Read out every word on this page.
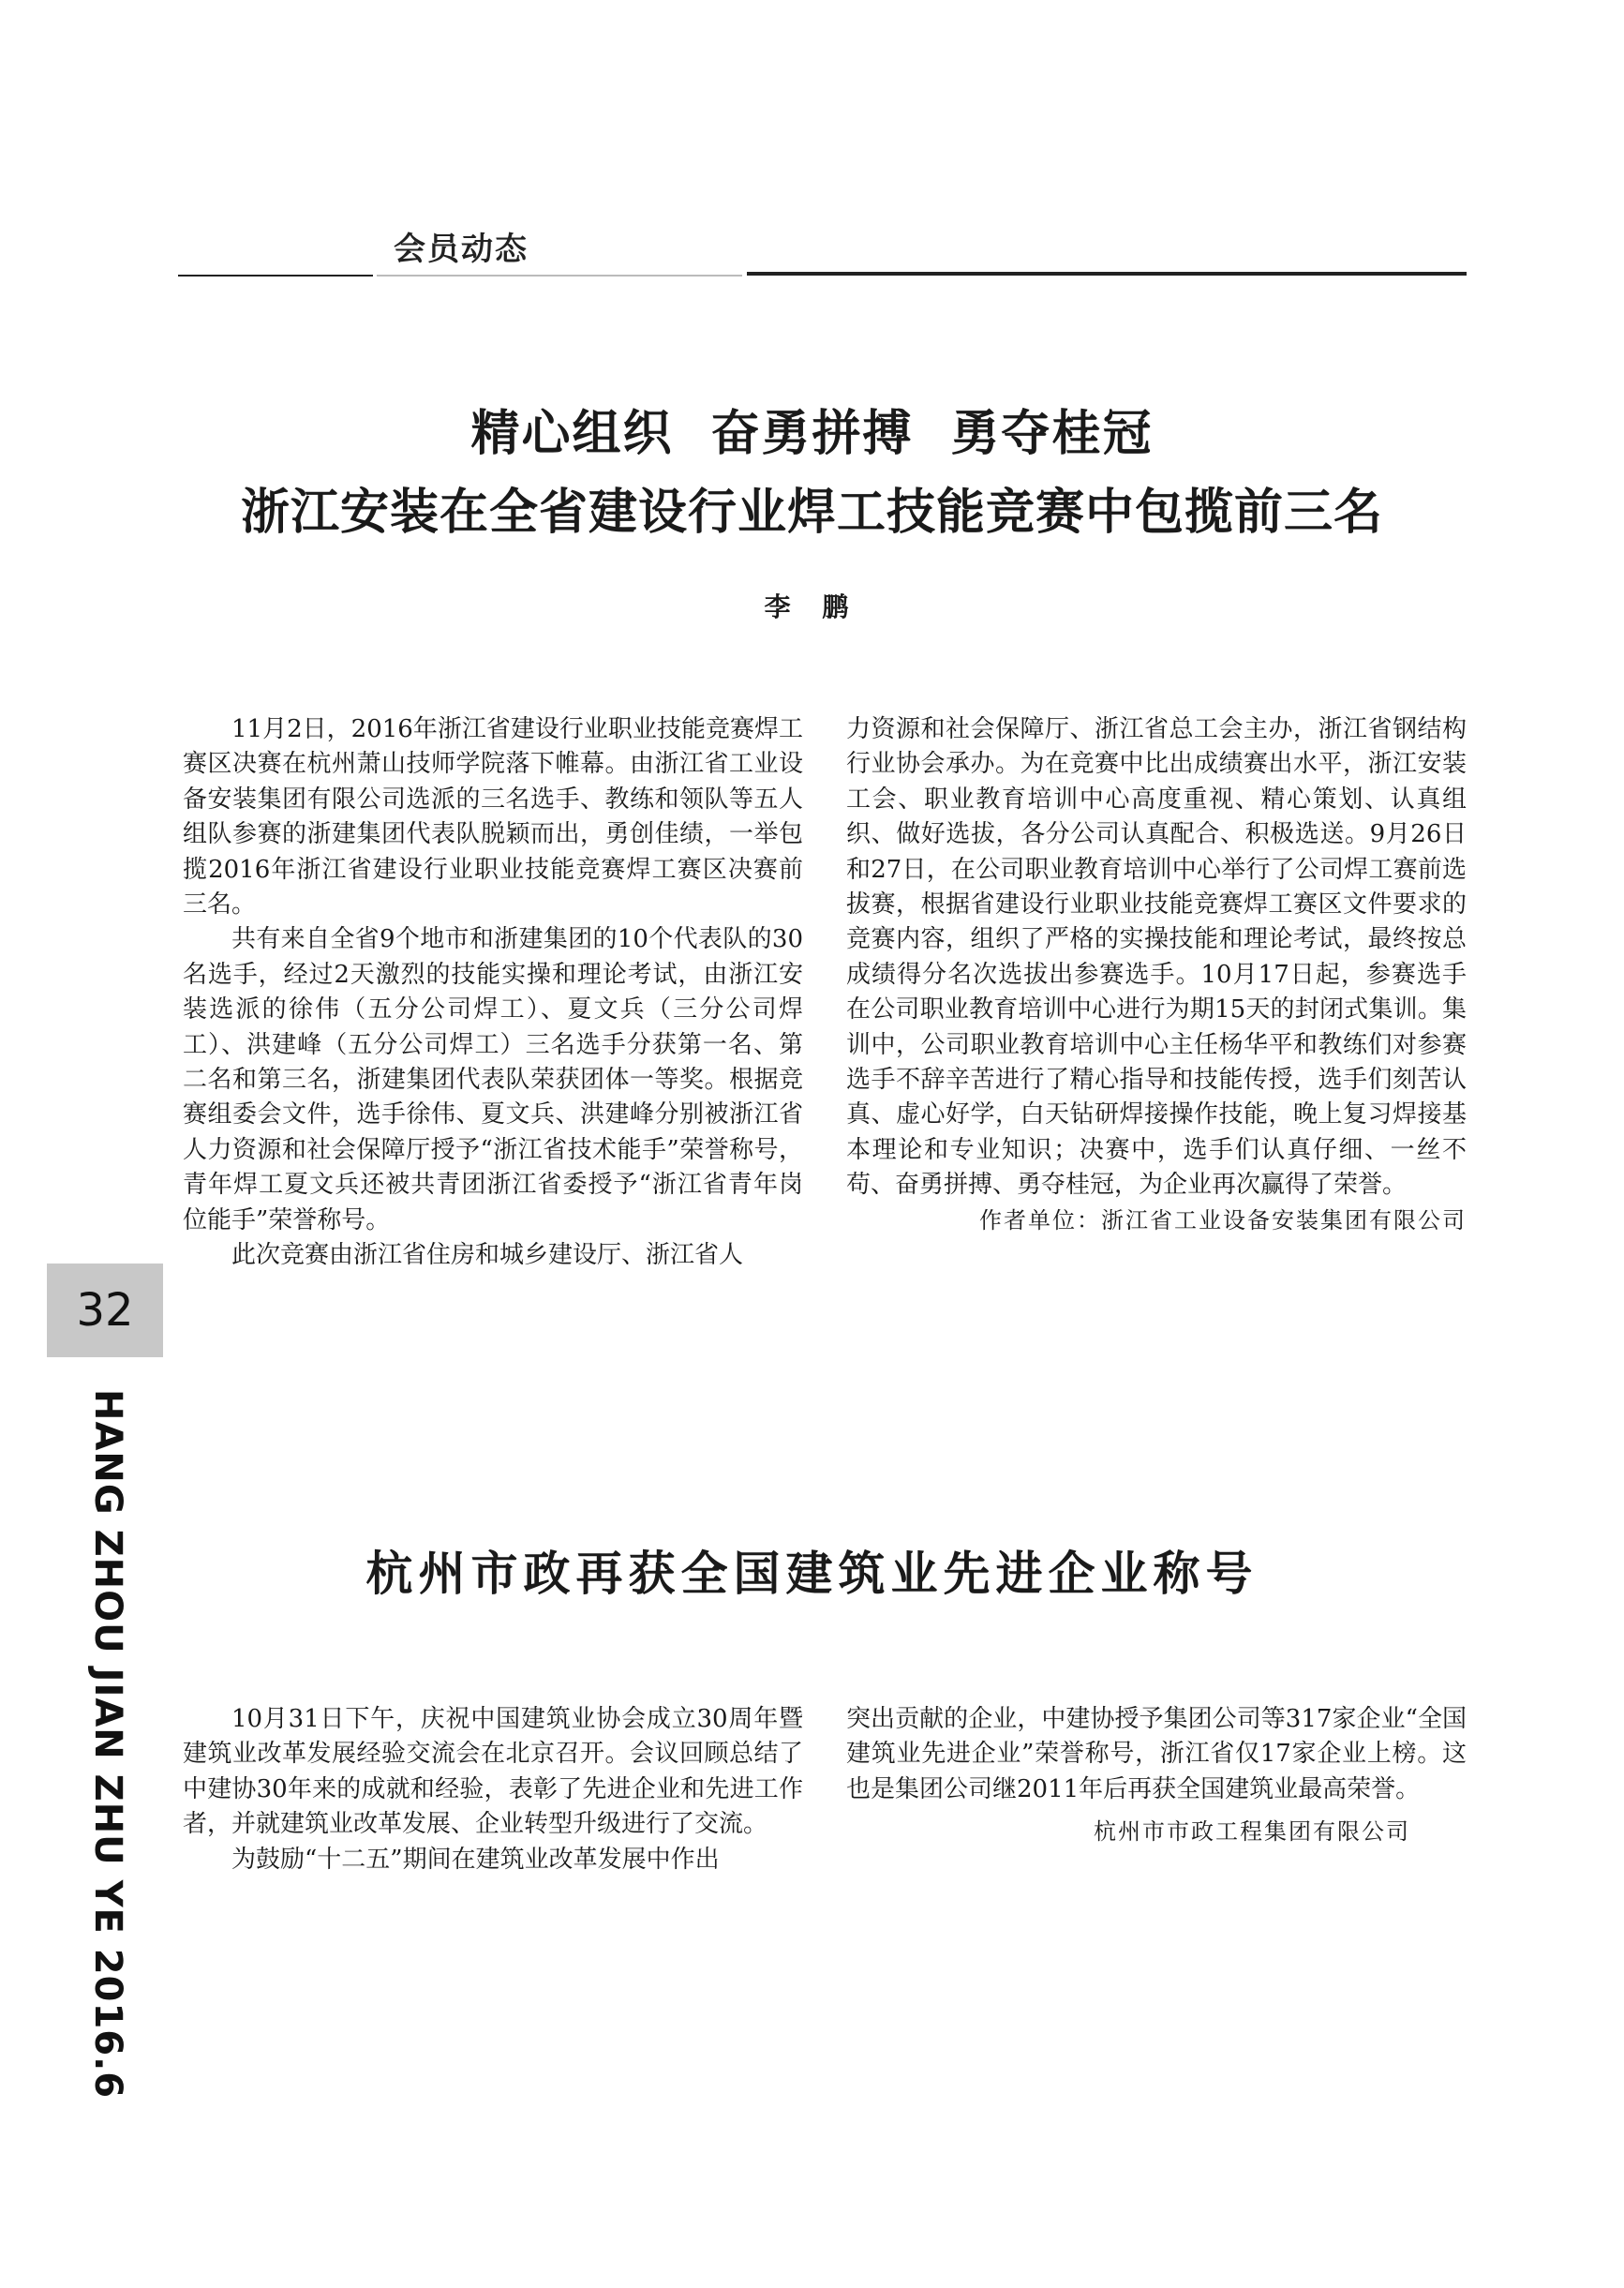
会员动态
精心组织 奋勇拼搏 勇夺桂冠
浙江安装在全省建设行业焊工技能竞赛中包揽前三名
李 鹏

11月2日，2016年浙江省建设行业职业技能竞赛焊工赛区决赛在杭州萧山技师学院落下帷幕。由浙江省工业设备安装集团有限公司选派的三名选手、教练和领队等五人组队参赛的浙建集团代表队脱颖而出，勇创佳绩，一举包揽2016年浙江省建设行业职业技能竞赛焊工赛区决赛前三名。

共有来自全省9个地市和浙建集团的10个代表队的30名选手，经过2天激烈的技能实操和理论考试，由浙江安装选派的徐伟（五分公司焊工）、夏文兵（三分公司焊工）、洪建峰（五分公司焊工）三名选手分获第一名、第二名和第三名，浙建集团代表队荣获团体一等奖。根据竞赛组委会文件，选手徐伟、夏文兵、洪建峰分别被浙江省人力资源和社会保障厅授予“浙江省技术能手”荣誉称号，青年焊工夏文兵还被共青团浙江省委授予“浙江省青年岗位能手”荣誉称号。

此次竞赛由浙江省住房和城乡建设厅、浙江省人

力资源和社会保障厅、浙江省总工会主办，浙江省钢结构行业协会承办。为在竞赛中比出成绩赛出水平，浙江安装工会、职业教育培训中心高度重视、精心策划、认真组织、做好选拔，各分公司认真配合、积极选送。9月26日和27日，在公司职业教育培训中心举行了公司焊工赛前选拔赛，根据省建设行业职业技能竞赛焊工赛区文件要求的竞赛内容，组织了严格的实操技能和理论考试，最终按总成绩得分名次选拔出参赛选手。10月17日起，参赛选手在公司职业教育培训中心进行为期15天的封闭式集训。集训中，公司职业教育培训中心主任杨华平和教练们对参赛选手不辞辛苦进行了精心指导和技能传授，选手们刻苦认真、虚心好学，白天钻研焊接操作技能，晚上复习焊接基本理论和专业知识；决赛中，选手们认真仔细、一丝不苟、奋勇拼搏、勇夺桂冠，为企业再次赢得了荣誉。

作者单位：浙江省工业设备安装集团有限公司

杭州市政再获全国建筑业先进企业称号

10月31日下午，庆祝中国建筑业协会成立30周年暨建筑业改革发展经验交流会在北京召开。会议回顾总结了中建协30年来的成就和经验，表彰了先进企业和先进工作者，并就建筑业改革发展、企业转型升级进行了交流。

为鼓励“十二五”期间在建筑业改革发展中作出

突出贡献的企业，中建协授予集团公司等317家企业“全国建筑业先进企业”荣誉称号，浙江省仅17家企业上榜。这也是集团公司继2011年后再获全国建筑业最高荣誉。

杭州市市政工程集团有限公司

32
HANG ZHOU JIAN ZHU YE 2016.6
